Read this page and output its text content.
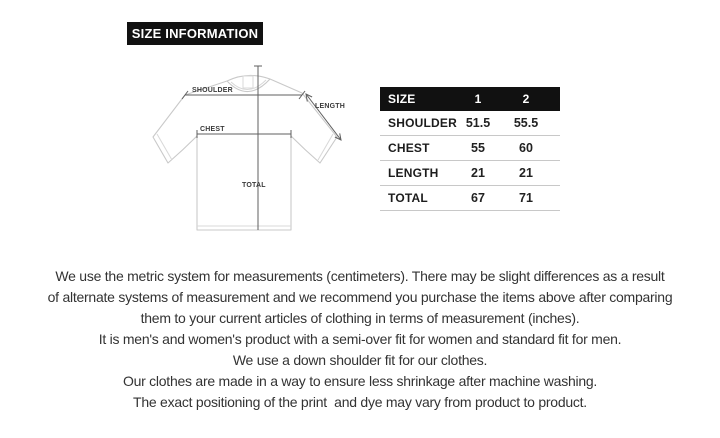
SIZE INFORMATION
SHOULDER
CHEST
TOTAL
LENGTH
SIZE	1	2
SHOULDER 51.5	55.5
CHEST	55	60
LENGTH	21	21
TOTAL	67	71
We use the metric system for measurements (centimeters). There may be slight differences as a result
of alternate systems of measurement and we recommend you purchase the items above after comparing
them to your current articles of clothing in terms of measurement (inches).
It is men's and women's product with a semi-over fit for women and standard fit for men.
We use a down shoulder fit for our clothes.
Our clothes are made in a way to ensure less shrinkage after machine washing.
The exact positioning of the print  and dye may vary from product to product.
